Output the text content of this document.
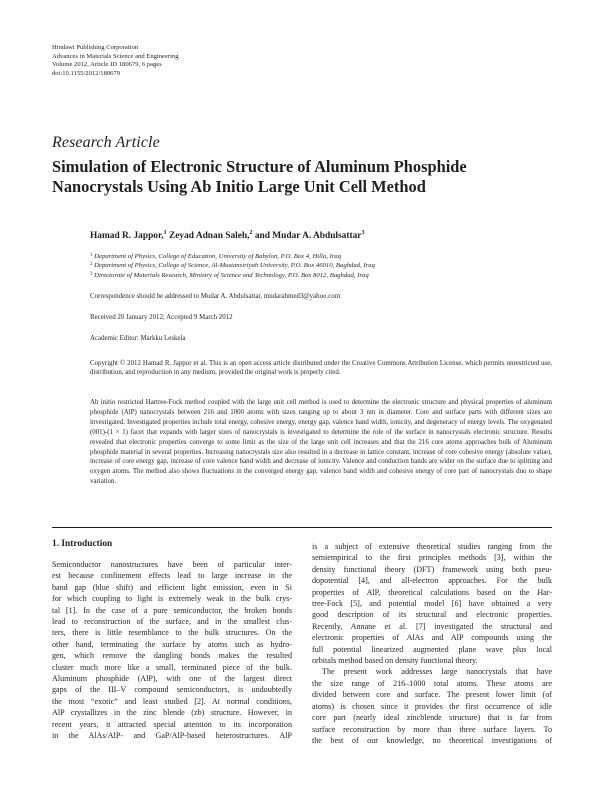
Hindawi Publishing Corporation
Advances in Materials Science and Engineering
Volume 2012, Article ID 180679, 6 pages
doi:10.1155/2012/180679
Research Article
Simulation of Electronic Structure of Aluminum Phosphide
Nanocrystals Using Ab Initio Large Unit Cell Method
Hamad R. Jappor,$^1$ Zeyad Adnan Saleh,$^2$ and Mudar A. Abdulsattar$^3$
$^1$ Department of Physics, College of Education, University of Babylon, P.O. Box 4, Hilla, Iraq
$^2$ Department of Physics, College of Science, Al-Mustansiriyah University, P.O. Box 46010, Baghdad, Iraq
$^3$ Directorate of Materials Research, Ministry of Science and Technology, P.O. Box 8012, Baghdad, Iraq
Correspondence should be addressed to Mudar A. Abdulsattar, mudarahmed3@yahoo.com
Received 20 January 2012; Accepted 9 March 2012
Academic Editor: Markku Leskela
Copyright © 2012 Hamad R. Jappor et al. This is an open access article distributed under the Creative Commons Attribution License, which permits unrestricted use, distribution, and reproduction in any medium, provided the original work is properly cited.
Ab initio restricted Hartree-Fock method coupled with the large unit cell method is used to determine the electronic structure and physical properties of aluminum phosphide (AlP) nanocrystals between 216 and 1000 atoms with sizes ranging up to about 3 nm in diameter. Core and surface parts with different sizes are investigated. Investigated properties include total energy, cohesive energy, energy gap, valence band width, ionicity, and degeneracy of energy levels. The oxygenated (001)-(1 × 1) facet that expands with larger sizes of nanocrystals is investigated to determine the role of the surface in nanocrystals electronic structure. Results revealed that electronic properties converge to some limit as the size of the large unit cell increases and that the 216 core atoms approaches bulk of Aluminum phosphide material in several properties. Increasing nanocrystals size also resulted in a decrease in lattice constant, increase of core cohesive energy (absolute value), increase of core energy gap, increase of core valence band width and decrease of ionicity. Valence and conduction bands are wider on the surface due to splitting and oxygen atoms. The method also shows fluctuations in the converged energy gap, valence band width and cohesive energy of core part of nanocrystals duo to shape variation.
1. Introduction
Semiconductor nanostructures have been of particular inter-
est because confinement effects lead to large increase in the
band gap (blue shift) and efficient light emission, even in Si
for which coupling to light is extremely weak in the bulk crys-
tal [1]. In the case of a pure semiconductor, the broken bonds
lead to reconstruction of the surface, and in the smallest clus-
ters, there is little resemblance to the bulk structures. On the
other hand, terminating the surface by atoms such as hydro-
gen, which remove the dangling bonds makes the resulted
cluster much more like a small, terminated piece of the bulk.
Aluminum phosphide (AlP), with one of the largest direct
gaps of the III–V compound semiconductors, is undoubtedly
the most “exotic” and least studied [2]. At normal conditions,
AlP crystallizes in the zinc blende (zb) structure. However, in
recent years, it attracted special attention to its incorporation
in the AlAs/AlP- and GaP/AlP-based heterostructures. AlP
is a subject of extensive theoretical studies ranging from the
semiempirical to the first principles methods [3], within the
density functional theory (DFT) framework using both pseu-
dopotential [4], and all-electron approaches. For the bulk
properties of AlP, theoretical calculations based on the Har-
tree-Fock [5], and potential model [6] have obtained a very
good description of its structural and electronic properties.
Recently, Annane et al. [7] investigated the structural and
electronic properties of AlAs and AlP compounds using the
full potential linearized augmented plane wave plus local
orbitals method based on density functional theory.
The present work addresses large nanocrystals that have
the size range of 216–1000 total atoms. These atoms are
divided between core and surface. The present lower limit (of
atoms) is chosen since it provides the first occurrence of idle
core part (nearly ideal zincblende structure) that is far from
surface reconstruction by more than three surface layers. To
the best of our knowledge, no theoretical investigations of
